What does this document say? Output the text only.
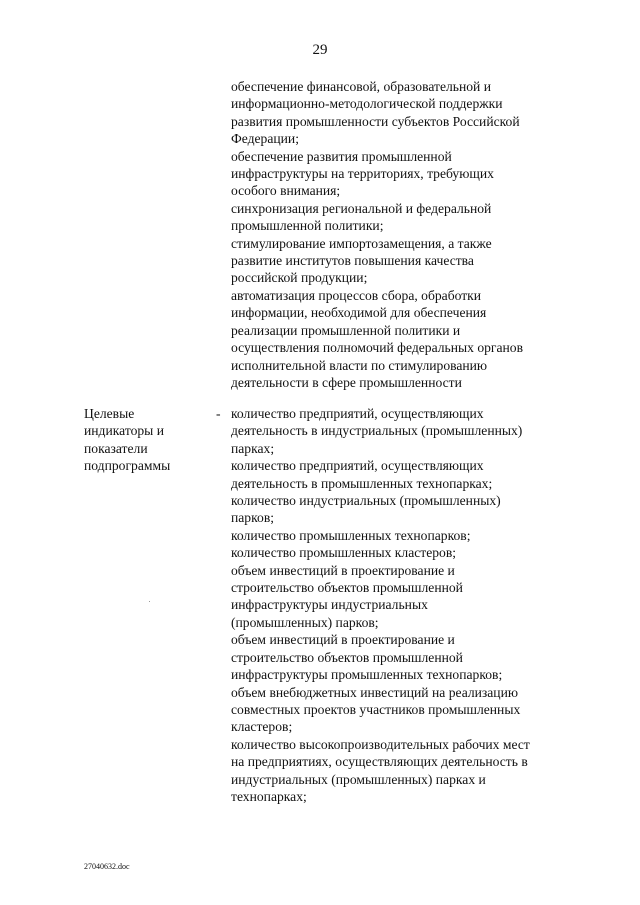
29
обеспечение финансовой, образовательной и
информационно-методологической поддержки
развития промышленности субъектов Российской
Федерации;
обеспечение развития промышленной
инфраструктуры на территориях, требующих
особого внимания;
синхронизация региональной и федеральной
промышленной политики;
стимулирование импортозамещения, а также
развитие институтов повышения качества
российской продукции;
автоматизация процессов сбора, обработки
информации, необходимой для обеспечения
реализации промышленной политики и
осуществления полномочий федеральных органов
исполнительной власти по стимулированию
деятельности в сфере промышленности
Целевые
индикаторы и
показатели
подпрограммы
- количество предприятий, осуществляющих
деятельность в индустриальных (промышленных)
парках;
количество предприятий, осуществляющих
деятельность в промышленных технопарках;
количество индустриальных (промышленных)
парков;
количество промышленных технопарков;
количество промышленных кластеров;
объем инвестиций в проектирование и
строительство объектов промышленной
инфраструктуры индустриальных
(промышленных) парков;
объем инвестиций в проектирование и
строительство объектов промышленной
инфраструктуры промышленных технопарков;
объем внебюджетных инвестиций на реализацию
совместных проектов участников промышленных
кластеров;
количество высокопроизводительных рабочих мест
на предприятиях, осуществляющих деятельность в
индустриальных (промышленных) парках и
технопарках;
27040632.doc
